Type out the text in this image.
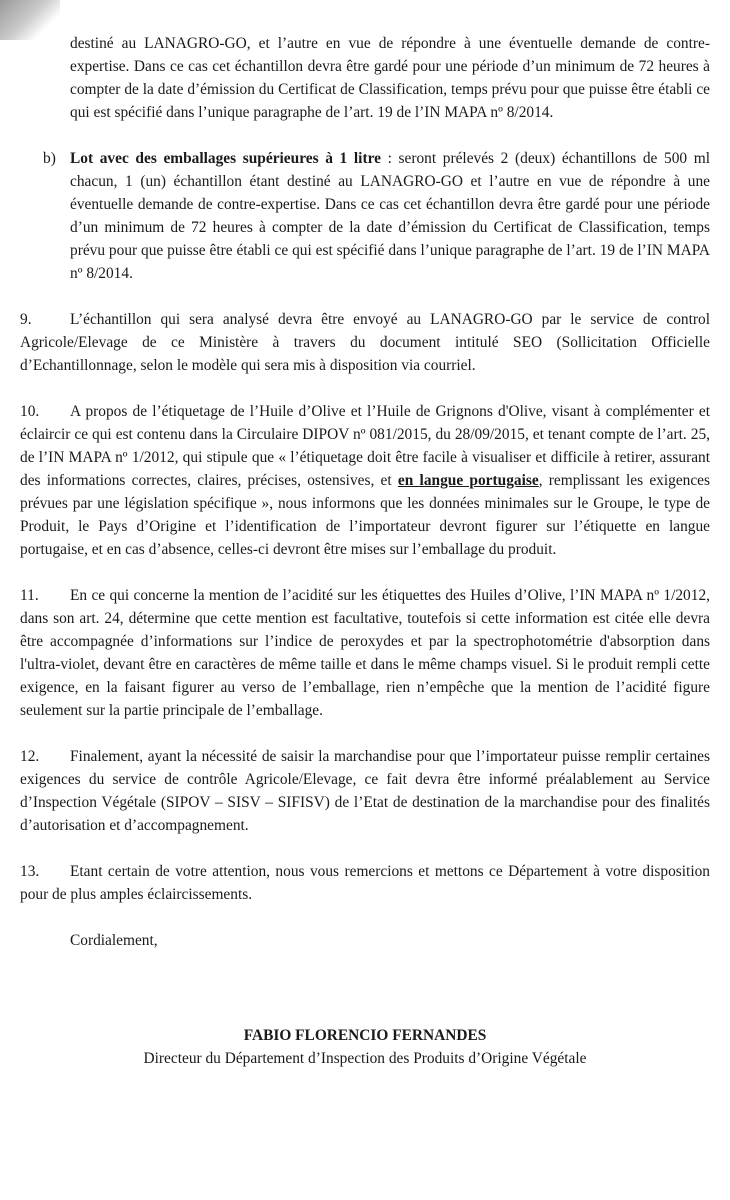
destiné au LANAGRO-GO, et l’autre en vue de répondre à une éventuelle demande de contre-expertise. Dans ce cas cet échantillon devra être gardé pour une période d’un minimum de 72 heures à compter de la date d’émission du Certificat de Classification, temps prévu pour que puisse être établi ce qui est spécifié dans l’unique paragraphe de l’art. 19 de l’IN MAPA nº 8/2014.

b) Lot avec des emballages supérieures à 1 litre : seront prélevés 2 (deux) échantillons de 500 ml chacun, 1 (un) échantillon étant destiné au LANAGRO-GO et l’autre en vue de répondre à une éventuelle demande de contre-expertise. Dans ce cas cet échantillon devra être gardé pour une période d’un minimum de 72 heures à compter de la date d’émission du Certificat de Classification, temps prévu pour que puisse être établi ce qui est spécifié dans l’unique paragraphe de l’art. 19 de l’IN MAPA nº 8/2014.

9. L’échantillon qui sera analysé devra être envoyé au LANAGRO-GO par le service de control Agricole/Elevage de ce Ministère à travers du document intitulé SEO (Sollicitation Officielle d’Echantillonnage, selon le modèle qui sera mis à disposition via courriel.

10. A propos de l’étiquetage de l’Huile d’Olive et l’Huile de Grignons d'Olive, visant à complémenter et éclaircir ce qui est contenu dans la Circulaire DIPOV nº 081/2015, du 28/09/2015, et tenant compte de l’art. 25, de l’IN MAPA nº 1/2012, qui stipule que « l’étiquetage doit être facile à visualiser et difficile à retirer, assurant des informations correctes, claires, précises, ostensives, et en langue portugaise, remplissant les exigences prévues par une législation spécifique », nous informons que les données minimales sur le Groupe, le type de Produit, le Pays d’Origine et l’identification de l’importateur devront figurer sur l’étiquette en langue portugaise, et en cas d’absence, celles-ci devront être mises sur l’emballage du produit.

11. En ce qui concerne la mention de l’acidité sur les étiquettes des Huiles d’Olive, l’IN MAPA nº 1/2012, dans son art. 24, détermine que cette mention est facultative, toutefois si cette information est citée elle devra être accompagnée d’informations sur l’indice de peroxydes et par la spectrophotométrie d'absorption dans l'ultra-violet, devant être en caractères de même taille et dans le même champs visuel. Si le produit rempli cette exigence, en la faisant figurer au verso de l’emballage, rien n’empêche que la mention de l’acidité figure seulement sur la partie principale de l’emballage.

12. Finalement, ayant la nécessité de saisir la marchandise pour que l’importateur puisse remplir certaines exigences du service de contrôle Agricole/Elevage, ce fait devra être informé préalablement au Service d’Inspection Végétale (SIPOV – SISV – SIFISV) de l’Etat de destination de la marchandise pour des finalités d’autorisation et d’accompagnement.

13. Etant certain de votre attention, nous vous remercions et mettons ce Département à votre disposition pour de plus amples éclaircissements.

Cordialement,

FABIO FLORENCIO FERNANDES
Directeur du Département d’Inspection des Produits d’Origine Végétale
